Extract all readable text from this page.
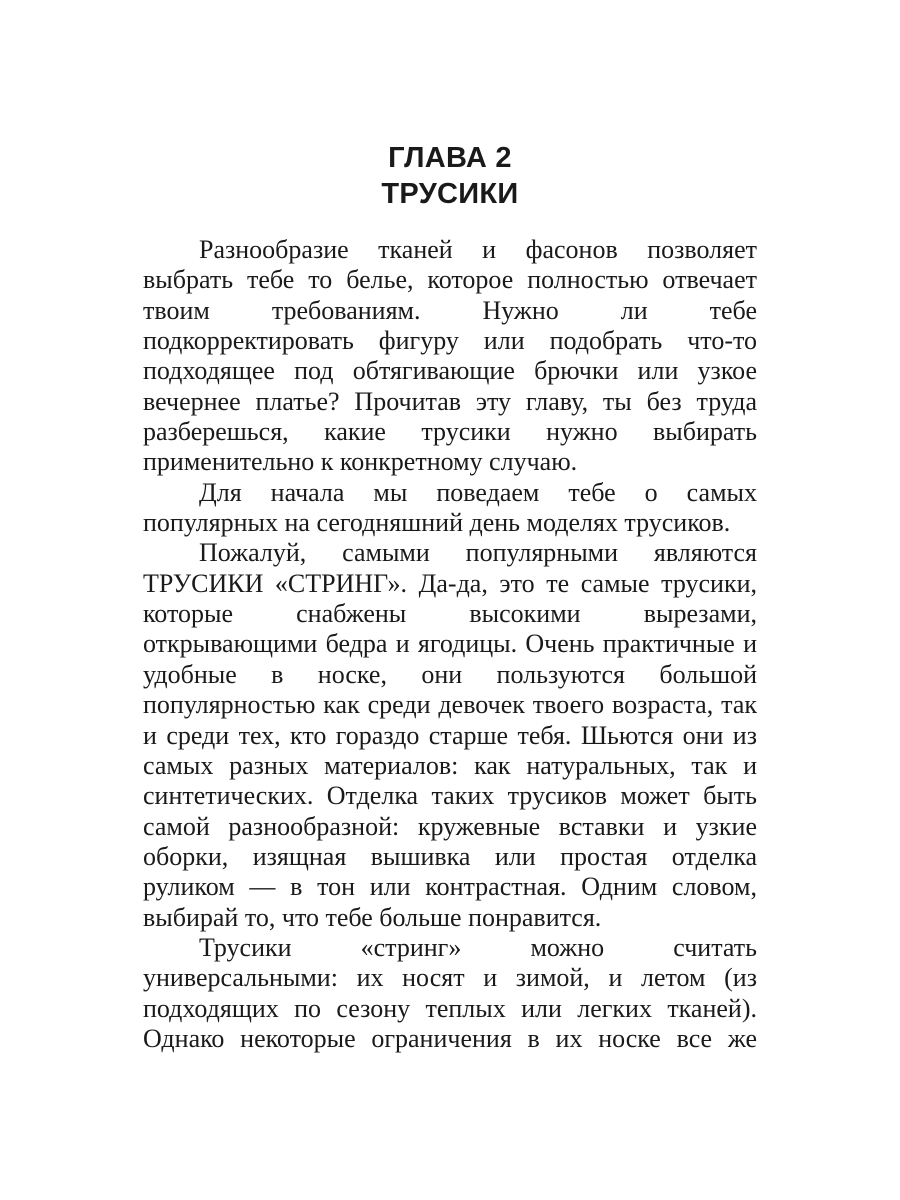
ГЛАВА 2
ТРУСИКИ

Разнообразие тканей и фасонов позволяет
выбрать тебе то белье, которое полностью отвечает
твоим требованиям. Нужно ли тебе
подкорректировать фигуру или подобрать что-то
подходящее под обтягивающие брючки или узкое
вечернее платье? Прочитав эту главу, ты без труда
разберешься, какие трусики нужно выбирать
применительно к конкретному случаю.

Для начала мы поведаем тебе о самых
популярных на сегодняшний день моделях трусиков.

Пожалуй, самыми популярными являются
ТРУСИКИ «СТРИНГ». Да-да, это те самые трусики,
которые снабжены высокими вырезами,
открывающими бедра и ягодицы. Очень практичные и
удобные в носке, они пользуются большой
популярностью как среди девочек твоего возраста, так
и среди тех, кто гораздо старше тебя. Шьются они из
самых разных материалов: как натуральных, так и
синтетических. Отделка таких трусиков может быть
самой разнообразной: кружевные вставки и узкие
оборки, изящная вышивка или простая отделка
руликом — в тон или контрастная. Одним словом,
выбирай то, что тебе больше понравится.

Трусики «стринг» можно считать
универсальными: их носят и зимой, и летом (из
подходящих по сезону теплых или легких тканей).
Однако некоторые ограничения в их носке все же
